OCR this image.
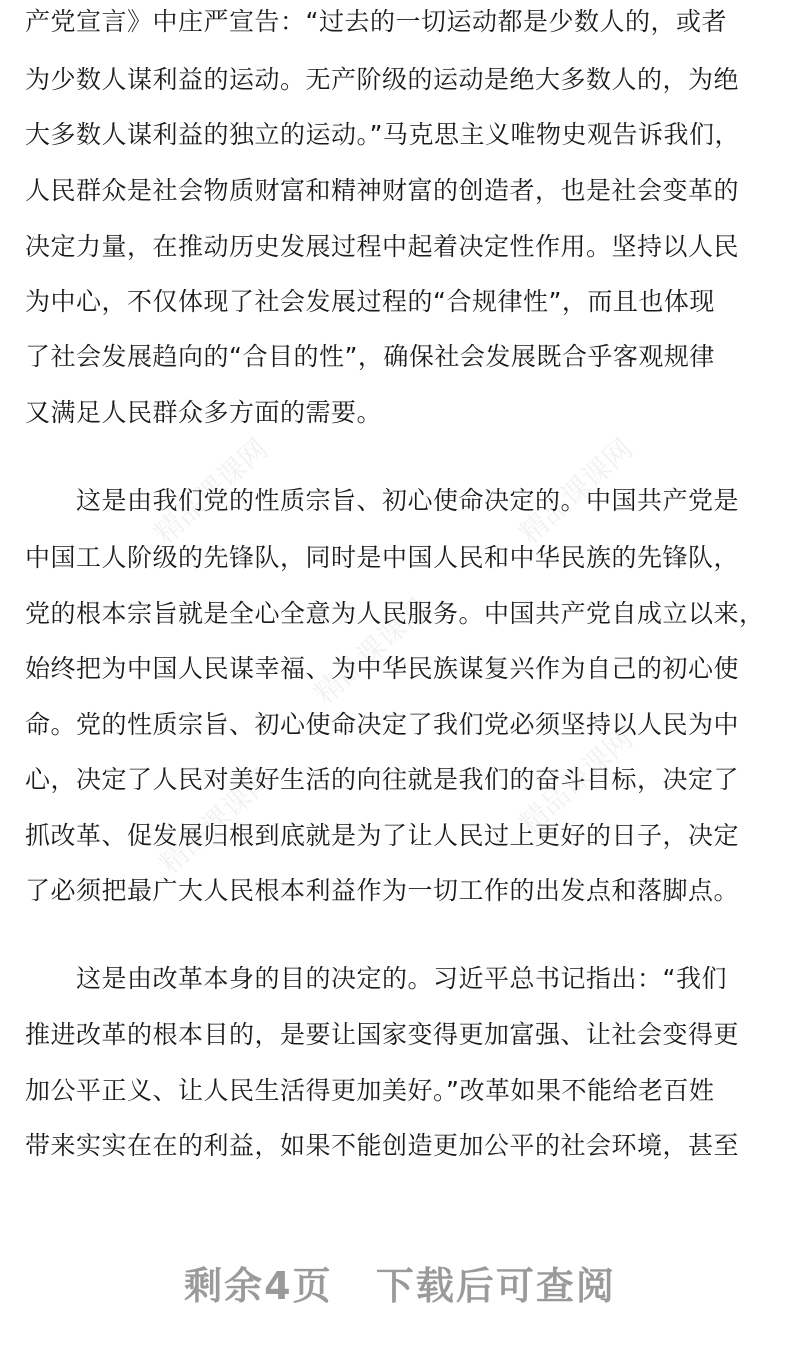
精品课课网	精品课课网
精品课课网
精品课课网
精品课课网
产党宣言》中庄严宣告：“过去的一切运动都是少数人的，或者
为少数人谋利益的运动。无产阶级的运动是绝大多数人的，为绝
大多数人谋利益的独立的运动。”马克思主义唯物史观告诉我们，
人民群众是社会物质财富和精神财富的创造者，也是社会变革的
决定力量，在推动历史发展过程中起着决定性作用。坚持以人民
为中心，不仅体现了社会发展过程的“合规律性”，而且也体现
了社会发展趋向的“合目的性”，确保社会发展既合乎客观规律
又满足人民群众多方面的需要。
　　这是由我们党的性质宗旨、初心使命决定的。中国共产党是
中国工人阶级的先锋队，同时是中国人民和中华民族的先锋队，
党的根本宗旨就是全心全意为人民服务。中国共产党自成立以来，
始终把为中国人民谋幸福、为中华民族谋复兴作为自己的初心使
命。党的性质宗旨、初心使命决定了我们党必须坚持以人民为中
心，决定了人民对美好生活的向往就是我们的奋斗目标，决定了
抓改革、促发展归根到底就是为了让人民过上更好的日子，决定
了必须把最广大人民根本利益作为一切工作的出发点和落脚点。
　　这是由改革本身的目的决定的。习近平总书记指出：“我们
推进改革的根本目的，是要让国家变得更加富强、让社会变得更
加公平正义、让人民生活得更加美好。”改革如果不能给老百姓
带来实实在在的利益，如果不能创造更加公平的社会环境，甚至
剩余4页 下载后可查阅
